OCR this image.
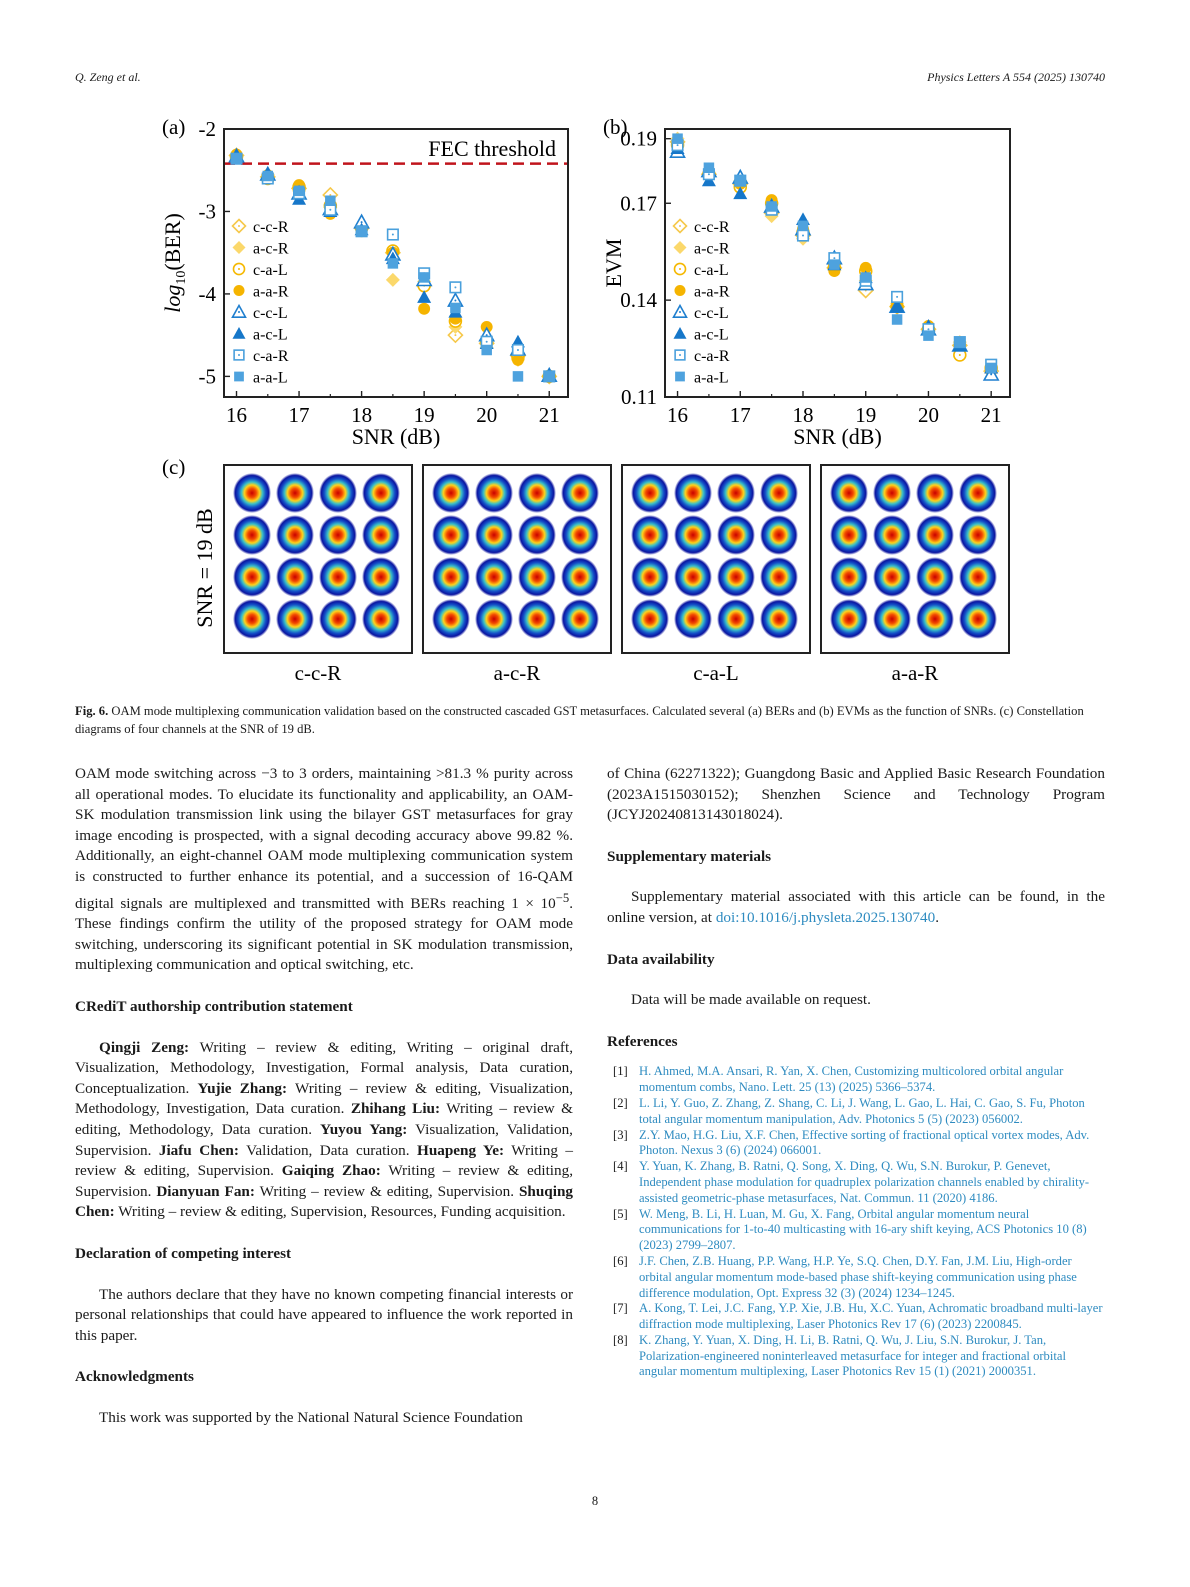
Q. Zeng et al.	Physics Letters A 554 (2025) 130740
(a)
FEC threshold
16 17 18 19 20 21
-2
-3
-4
-5
SNR (dB)
$\log_{10}(BER)$	c-c-R
a-c-R
c-a-L
a-a-R
c-c-L
a-c-L
c-a-R
a-a-L
(b)
16 17 18 19 20 21
0.19
0.17
0.14
0.11
SNR (dB)
EVM
c-c-R
a-c-R
c-a-L
a-a-R
c-c-L
a-c-L
c-a-R
a-a-L
(c)
SNR = 19 dB
c-c-R	a-c-R	c-a-L	a-a-R
Fig. 6. OAM mode multiplexing communication validation based on the constructed cascaded GST metasurfaces. Calculated several (a) BERs and (b) EVMs as the function of SNRs. (c) Constellation diagrams of four channels at the SNR of 19 dB.

OAM mode switching across −3 to 3 orders, maintaining >81.3 % purity across all operational modes. To elucidate its functionality and applicability, an OAM-SK modulation transmission link using the bilayer GST metasurfaces for gray image encoding is prospected, with a signal decoding accuracy above 99.82 %. Additionally, an eight-channel OAM mode multiplexing communication system is constructed to further enhance its potential, and a succession of 16-QAM digital signals are multiplexed and transmitted with BERs reaching $1 \times 10^{-5}$. These findings confirm the utility of the proposed strategy for OAM mode switching, underscoring its significant potential in SK modulation transmission, multiplexing communication and optical switching, etc.

CRediT authorship contribution statement

Qingji Zeng: Writing – review & editing, Writing – original draft, Visualization, Methodology, Investigation, Formal analysis, Data curation, Conceptualization. Yujie Zhang: Writing – review & editing, Visualization, Methodology, Investigation, Data curation. Zhihang Liu: Writing – review & editing, Methodology, Data curation. Yuyou Yang: Visualization, Validation, Supervision. Jiafu Chen: Validation, Data curation. Huapeng Ye: Writing – review & editing, Supervision. Gaiqing Zhao: Writing – review & editing, Supervision. Dianyuan Fan: Writing – review & editing, Supervision. Shuqing Chen: Writing – review & editing, Supervision, Resources, Funding acquisition.

Declaration of competing interest

The authors declare that they have no known competing financial interests or personal relationships that could have appeared to influence the work reported in this paper.

Acknowledgments

This work was supported by the National Natural Science Foundation

of China (62271322); Guangdong Basic and Applied Basic Research Foundation (2023A1515030152); Shenzhen Science and Technology Program (JCYJ20240813143018024).

Supplementary materials

Supplementary material associated with this article can be found, in the online version, at doi:10.1016/j.physleta.2025.130740.

Data availability

Data will be made available on request.

References

[1] H. Ahmed, M.A. Ansari, R. Yan, X. Chen, Customizing multicolored orbital angular momentum combs, Nano. Lett. 25 (13) (2025) 5366–5374.
[2] L. Li, Y. Guo, Z. Zhang, Z. Shang, C. Li, J. Wang, L. Gao, L. Hai, C. Gao, S. Fu, Photon total angular momentum manipulation, Adv. Photonics 5 (5) (2023) 056002.
[3] Z.Y. Mao, H.G. Liu, X.F. Chen, Effective sorting of fractional optical vortex modes, Adv. Photon. Nexus 3 (6) (2024) 066001.
[4] Y. Yuan, K. Zhang, B. Ratni, Q. Song, X. Ding, Q. Wu, S.N. Burokur, P. Genevet, Independent phase modulation for quadruplex polarization channels enabled by chirality-assisted geometric-phase metasurfaces, Nat. Commun. 11 (2020) 4186.
[5] W. Meng, B. Li, H. Luan, M. Gu, X. Fang, Orbital angular momentum neural communications for 1-to-40 multicasting with 16-ary shift keying, ACS Photonics 10 (8) (2023) 2799–2807.
[6] J.F. Chen, Z.B. Huang, P.P. Wang, H.P. Ye, S.Q. Chen, D.Y. Fan, J.M. Liu, High-order orbital angular momentum mode-based phase shift-keying communication using phase difference modulation, Opt. Express 32 (3) (2024) 1234–1245.
[7] A. Kong, T. Lei, J.C. Fang, Y.P. Xie, J.B. Hu, X.C. Yuan, Achromatic broadband multi-layer diffraction mode multiplexing, Laser Photonics Rev 17 (6) (2023) 2200845.
[8] K. Zhang, Y. Yuan, X. Ding, H. Li, B. Ratni, Q. Wu, J. Liu, S.N. Burokur, J. Tan, Polarization-engineered noninterleaved metasurface for integer and fractional orbital angular momentum multiplexing, Laser Photonics Rev 15 (1) (2021) 2000351.
8
